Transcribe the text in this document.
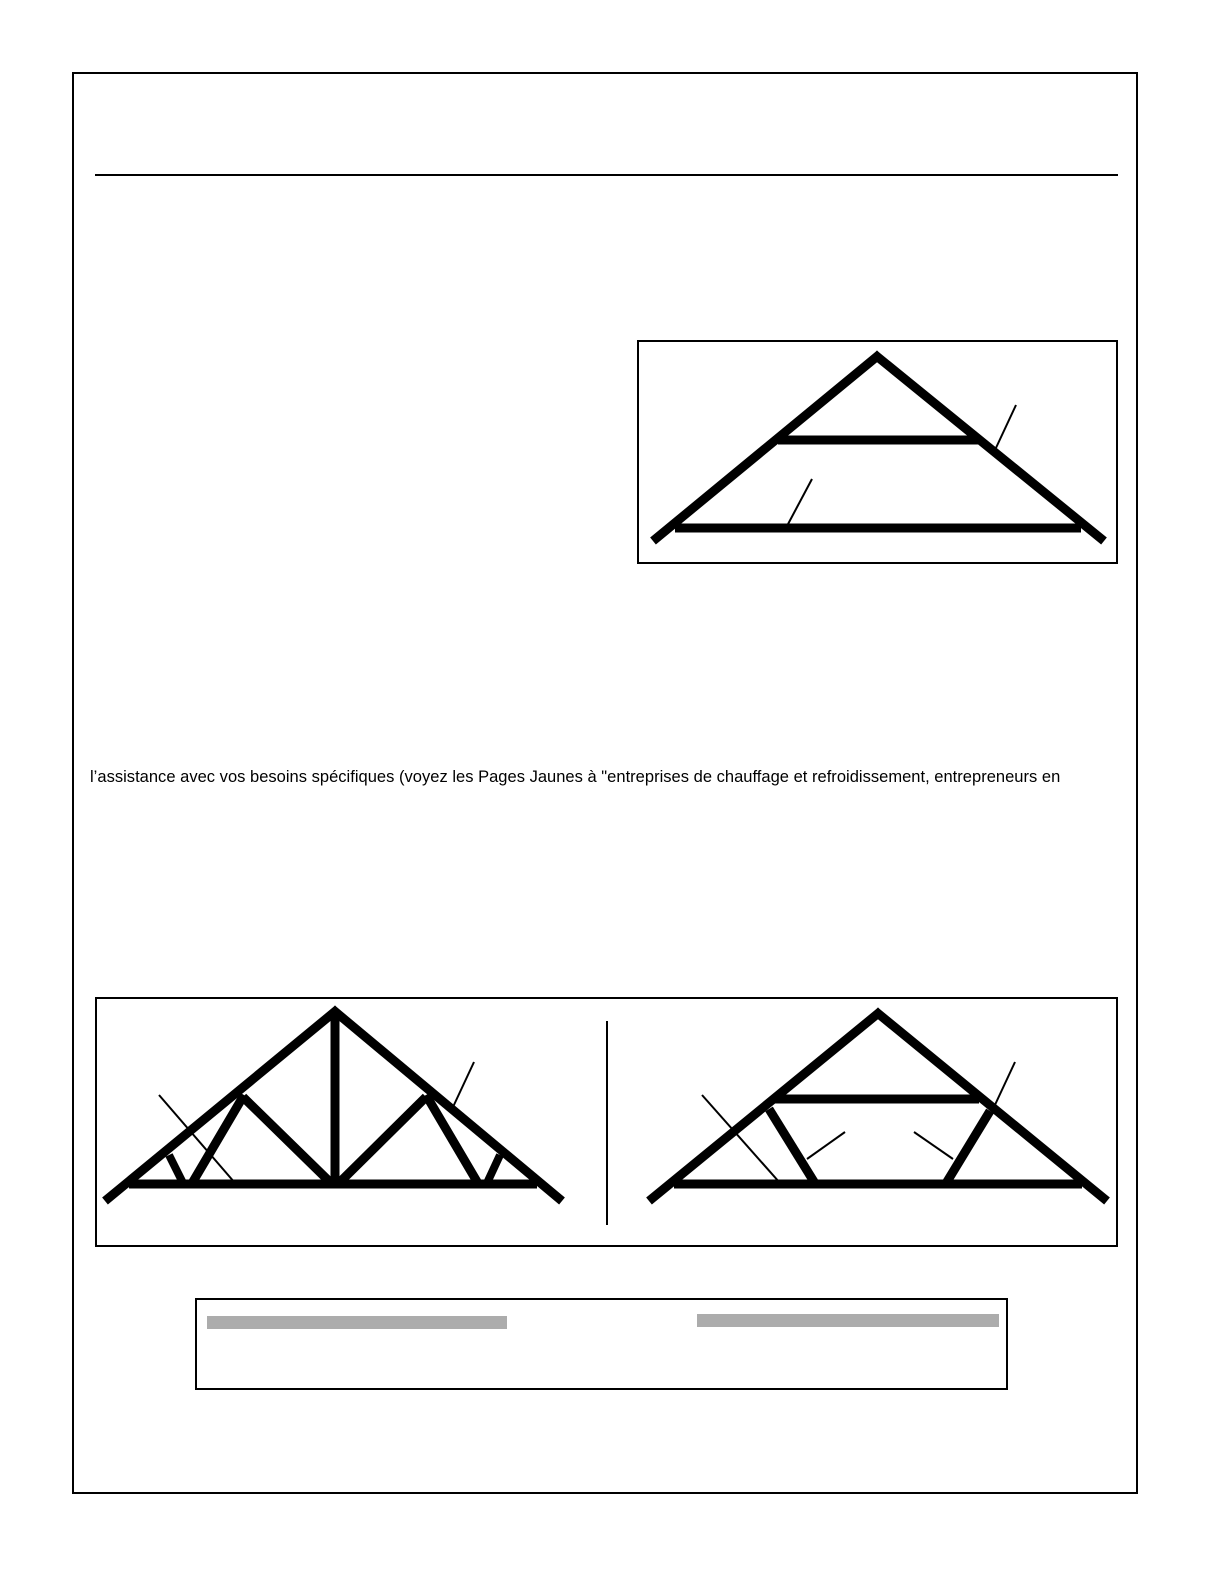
l’assistance avec vos besoins spécifiques (voyez les Pages Jaunes à "entreprises de chauffage et refroidissement, entrepreneurs en
